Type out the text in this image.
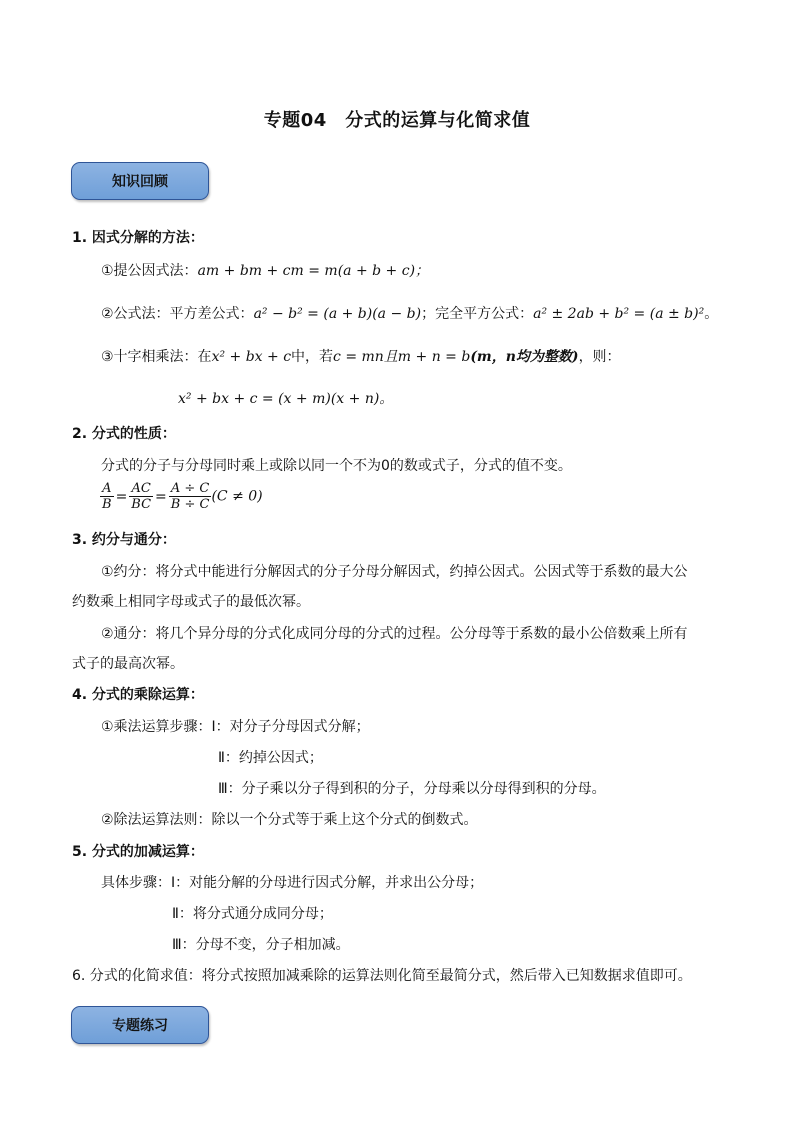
专题04　分式的运算与化简求值
知识回顾
1. 因式分解的方法：
①提公因式法：am + bm + cm = m(a + b + c)；
②公式法：平方差公式：a² − b² = (a + b)(a − b)；完全平方公式：a² ± 2ab + b² = (a ± b)²。
③十字相乘法：在x² + bx + c中，若c = mn且m + n = b(m，n均为整数)，则：
x² + bx + c = (x + m)(x + n)。
2. 分式的性质：
分式的分子与分母同时乘上或除以同一个不为0的数或式子，分式的值不变。
$\frac{A}{B} = \frac{AC}{BC} = \frac{A \div C}{B \div C} (C \ne 0)$
3. 约分与通分：
①约分：将分式中能进行分解因式的分子分母分解因式，约掉公因式。公因式等于系数的最大公
约数乘上相同字母或式子的最低次幂。
②通分：将几个异分母的分式化成同分母的分式的过程。公分母等于系数的最小公倍数乘上所有
式子的最高次幂。
4. 分式的乘除运算：
①乘法运算步骤：Ⅰ：对分子分母因式分解；
Ⅱ：约掉公因式；
Ⅲ：分子乘以分子得到积的分子，分母乘以分母得到积的分母。
②除法运算法则：除以一个分式等于乘上这个分式的倒数式。
5. 分式的加减运算：
具体步骤：Ⅰ：对能分解的分母进行因式分解，并求出公分母；
Ⅱ：将分式通分成同分母；
Ⅲ：分母不变，分子相加减。
6. 分式的化简求值：将分式按照加减乘除的运算法则化简至最简分式，然后带入已知数据求值即可。
专题练习
